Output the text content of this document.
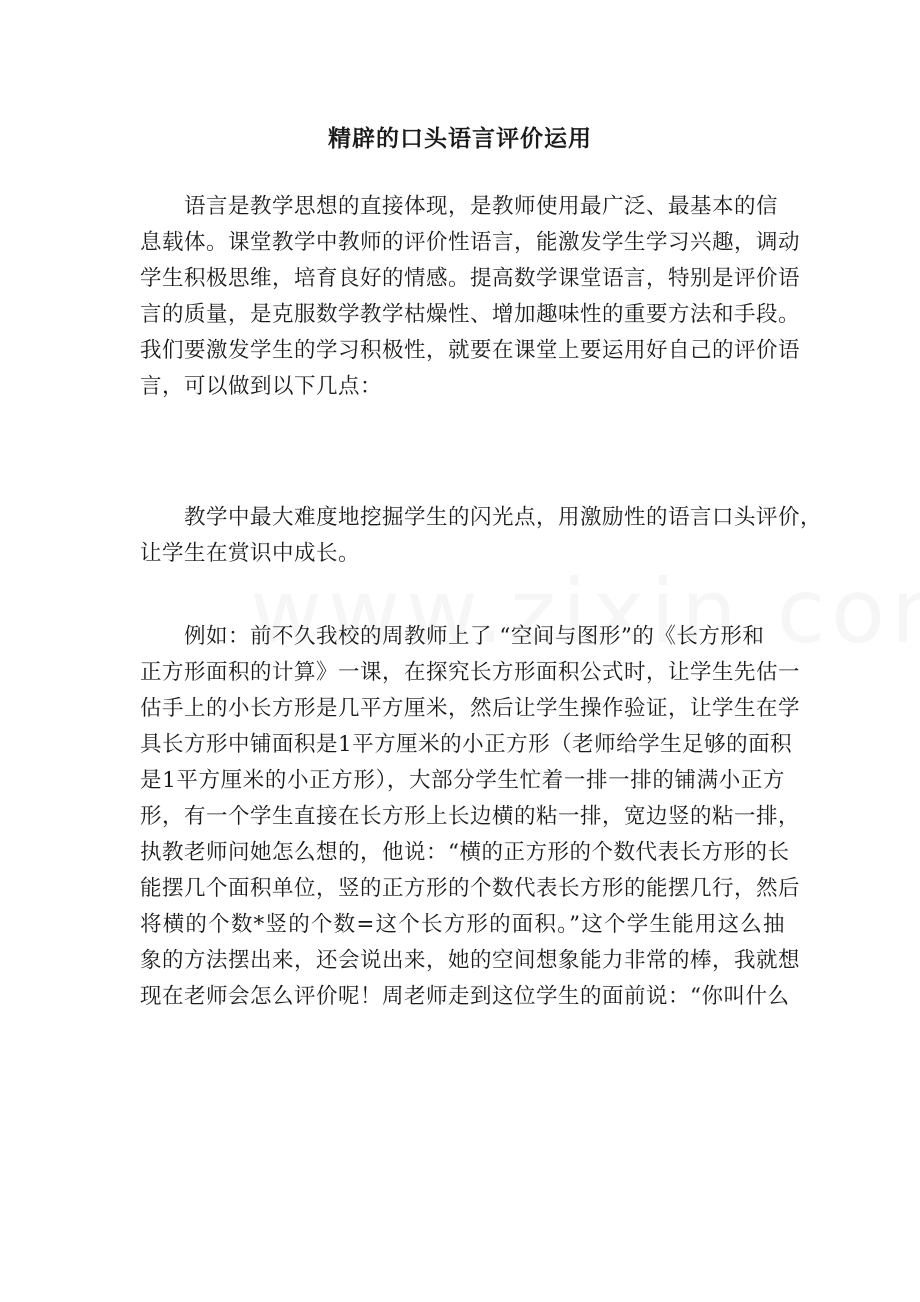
精辟的口头语言评价运用
语言是教学思想的直接体现，是教师使用最广泛、最基本的信
息载体。课堂教学中教师的评价性语言，能激发学生学习兴趣，调动
学生积极思维，培育良好的情感。提高数学课堂语言，特别是评价语
言的质量，是克服数学教学枯燥性、增加趣味性的重要方法和手段。
我们要激发学生的学习积极性，就要在课堂上要运用好自己的评价语
言，可以做到以下几点：
教学中最大难度地挖掘学生的闪光点，用激励性的语言口头评价，
让学生在赏识中成长。
例如：前不久我校的周教师上了 “空间与图形”的《长方形和
正方形面积的计算》一课，在探究长方形面积公式时，让学生先估一
估手上的小长方形是几平方厘米，然后让学生操作验证，让学生在学
具长方形中铺面积是1平方厘米的小正方形（老师给学生足够的面积
是1平方厘米的小正方形），大部分学生忙着一排一排的铺满小正方
形，有一个学生直接在长方形上长边横的粘一排，宽边竖的粘一排，
执教老师问她怎么想的，他说：“横的正方形的个数代表长方形的长
能摆几个面积单位，竖的正方形的个数代表长方形的能摆几行，然后
将横的个数*竖的个数=这个长方形的面积。”这个学生能用这么抽
象的方法摆出来，还会说出来，她的空间想象能力非常的棒，我就想
现在老师会怎么评价呢！周老师走到这位学生的面前说：“你叫什么
